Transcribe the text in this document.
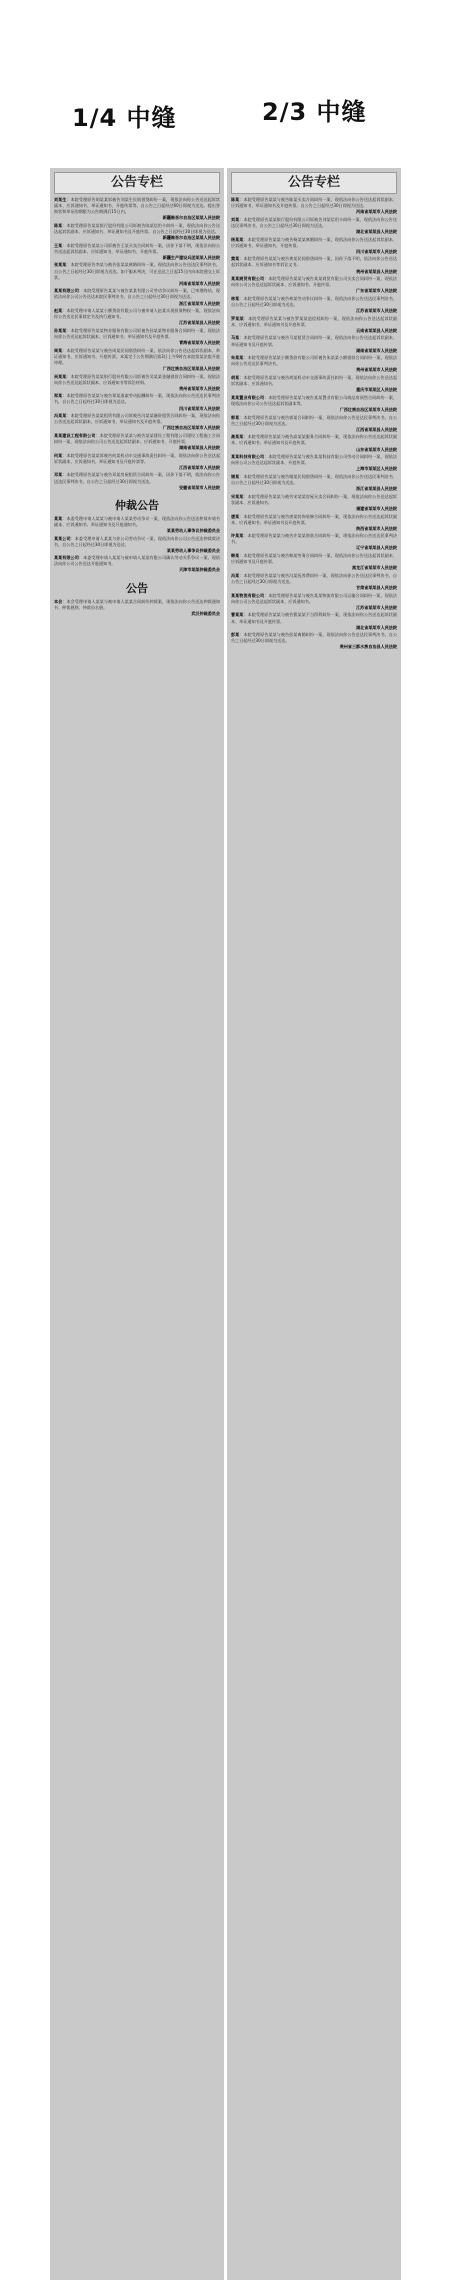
1/4 中缝	2/3 中缝
公告专栏
刘某生：本院受理原告胡某某诉被告刘某生民间借贷纠纷一案，现依法向你公告送达起诉状副本、应诉通知书、举证通知书、开庭传票等。自公告之日起经过60日即视为送达。提出答辩状和举证的期限为公告期满后15日内。
新疆维吾尔自治区某某人民法院
陈某：本院受理原告某某银行股份有限公司诉被告陈某信用卡纠纷一案，现依法向你公告送达起诉状副本、应诉通知书、举证通知书及开庭传票。自公告之日起经过30日即视为送达。
新疆维吾尔自治区某某人民法院
王某：本院受理原告某某公司诉被告王某买卖合同纠纷一案，因你下落不明，现依法向你公告送达起诉状副本、应诉通知书、举证通知书、开庭传票。
新疆生产建设兵团某某人民法院
张某某：本院受理原告李某与被告张某某离婚纠纷一案，现依法向你公告送达民事判决书。自公告之日起经过30日即视为送达。如不服本判决，可在送达之日起15日内向本院递交上诉状。
河南省某某市人民法院
某某有限公司：本院受理原告某某与被告某某有限公司劳动争议纠纷一案，已审理终结。现依法向你公司公告送达本院民事判决书，自公告之日起经过30日即视为送达。
浙江省某某市人民法院
赵某：本院受理申请人某某小额贷款有限公司与被申请人赵某实现担保物权一案，现依法向你公告送达民事裁定书及执行通知书。
江苏省某某县人民法院
孙某某：本院受理原告某某物业服务有限公司诉被告孙某某物业服务合同纠纷一案，现依法向你公告送达起诉状副本、应诉通知书、举证通知书及开庭传票。
青海省某某市人民法院
周某：本院受理原告某某与被告周某民间借贷纠纷一案，依法向你公告送达起诉状副本、举证通知书、应诉通知书、开庭传票。本案定于公告期满后第3日上午9时在本院第某法庭开庭审理。
广西壮族自治区某某县人民法院
吴某某：本院受理原告某某银行股份有限公司诉被告吴某某金融借款合同纠纷一案，现依法向你公告送达起诉状副本、应诉通知书等诉讼材料。
贵州省某某市人民法院
郑某：本院受理原告某某与被告郑某追索劳动报酬纠纷一案，现依法向你公告送达民事判决书，自公告之日起经过30日即视为送达。
四川省某某市人民法院
冯某某：本院受理原告某某租赁有限公司诉被告冯某某融资租赁合同纠纷一案，现依法向你公告送达起诉状副本、应诉通知书、举证通知书及开庭传票。
广西壮族自治区某某市人民法院
某某建设工程有限公司：本院受理原告某某与被告某某建设工程有限公司建设工程施工合同纠纷一案，现依法向你公司公告送达起诉状副本、应诉通知书、开庭传票。
湖南省某某县人民法院
何某：本院受理原告某某诉被告何某机动车交通事故责任纠纷一案，现依法向你公告送达起诉状副本、应诉通知书、举证通知书及开庭传票等。
江西省某某市人民法院
邓某：本院受理原告某某与被告邓某房屋租赁合同纠纷一案，因你下落不明，依法向你公告送达民事判决书，自公告之日起经过30日即视为送达。
安徽省某某市人民法院
仲裁公告
某某：本委受理申请人某某与被申请人某某劳动争议一案，现依法向你公告送达仲裁申请书副本、应诉通知书、举证通知书及开庭通知书。
某某劳动人事争议仲裁委员会
某某公司：本委受理申请人某某与你公司劳动争议一案，现依法向你公司公告送达仲裁裁决书，自公告之日起经过30日即视为送达。
某某劳动人事争议仲裁委员会
某某有限公司：本委受理申请人某某与被申请人某某有限公司确认劳动关系争议一案，现依法向你公司公告送达开庭通知书。
天津市某某仲裁委员会
公告
本会：本会受理申请人某某与被申请人某某合同纠纷仲裁案，现依法向你公告送达仲裁通知书、仲裁规则、仲裁员名册。
武汉仲裁委员会
公告专栏
陈某：本院受理原告某某与被告陈某买卖合同纠纷一案，现依法向你公告送达起诉状副本、应诉通知书、举证通知书及开庭传票。自公告之日起经过30日即视为送达。
河南省某某市人民法院
刘某：本院受理原告某某银行股份有限公司诉被告刘某信用卡纠纷一案，现依法向你公告送达民事判决书，自公告之日起经过30日即视为送达。
湖北省某某县人民法院
杨某某：本院受理原告某某与被告杨某某离婚纠纷一案，现依法向你公告送达起诉状副本、应诉通知书、举证通知书、开庭传票。
四川省某某市人民法院
黄某：本院受理原告某某与被告黄某民间借贷纠纷一案，因你下落不明，依法向你公告送达起诉状副本、应诉通知书等诉讼文书。
贵州省某某县人民法院
某某商贸有限公司：本院受理原告某某与被告某某商贸有限公司买卖合同纠纷一案，现依法向你公司公告送达起诉状副本、应诉通知书、开庭传票。
广东省某某市人民法院
林某：本院受理原告某某与被告林某劳动争议纠纷一案，现依法向你公告送达民事判决书，自公告之日起经过30日即视为送达。
江苏省某某市人民法院
罗某某：本院受理原告某某与被告罗某某追偿权纠纷一案，现依法向你公告送达起诉状副本、应诉通知书、举证通知书及开庭传票。
云南省某某县人民法院
马某：本院受理原告某某与被告马某租赁合同纠纷一案，现依法向你公告送达起诉状副本、举证通知书及开庭传票。
湖南省某某市人民法院
朱某某：本院受理原告某某小额贷款有限公司诉被告朱某某小额借款合同纠纷一案，现依法向你公告送达民事判决书。
贵州省某某市人民法院
胡某：本院受理原告某某与被告胡某机动车交通事故责任纠纷一案，现依法向你公告送达起诉状副本、应诉通知书。
重庆市某某区人民法院
某某置业有限公司：本院受理原告某某与被告某某置业有限公司商品房预售合同纠纷一案，现依法向你公司公告送达起诉状副本等。
广西壮族自治区某某市人民法院
郭某：本院受理原告某某与被告郭某合同纠纷一案，现依法向你公告送达民事判决书，自公告之日起经过30日即视为送达。
江西省某某县人民法院
高某某：本院受理原告某某与被告高某某服务合同纠纷一案，现依法向你公告送达起诉状副本、应诉通知书、举证通知书及开庭传票。
山东省某某市人民法院
某某科技有限公司：本院受理原告某某与被告某某科技有限公司劳动合同纠纷一案，现依法向你公司公告送达起诉状副本、开庭传票。
上海市某某区人民法院
谢某：本院受理原告某某与被告谢某民间借贷纠纷一案，现依法向你公告送达民事判决书，自公告之日起经过30日即视为送达。
浙江省某某县人民法院
宋某某：本院受理原告某某与被告宋某某房屋买卖合同纠纷一案，现依法向你公告送达起诉状副本、应诉通知书。
福建省某某市人民法院
唐某：本院受理原告某某与被告唐某装饰装修合同纠纷一案，现依法向你公告送达起诉状副本、应诉通知书、举证通知书及开庭传票。
陕西省某某市人民法院
许某某：本院受理原告某某与被告许某某借款合同纠纷一案，现依法向你公告送达民事判决书。
辽宁省某某县人民法院
韩某：本院受理原告某某与被告韩某劳务合同纠纷一案，现依法向你公告送达起诉状副本、应诉通知书及开庭传票。
黑龙江省某某市人民法院
冯某：本院受理原告某某与被告冯某抚养费纠纷一案，现依法向你公告送达民事判决书，自公告之日起经过30日即视为送达。
甘肃省某某县人民法院
某某物流有限公司：本院受理原告某某与被告某某物流有限公司运输合同纠纷一案，现依法向你公司公告送达起诉状副本、应诉通知书。
江苏省某某市人民法院
曹某某：本院受理原告某某与被告曹某某不当得利纠纷一案，现依法向你公告送达起诉状副本、举证通知书及开庭传票。
湖北省某某市人民法院
彭某：本院受理原告某某与被告彭某离婚纠纷一案，现依法向你公告送达民事判决书，自公告之日起经过30日即视为送达。
贵州省三都水族自治县人民法院
